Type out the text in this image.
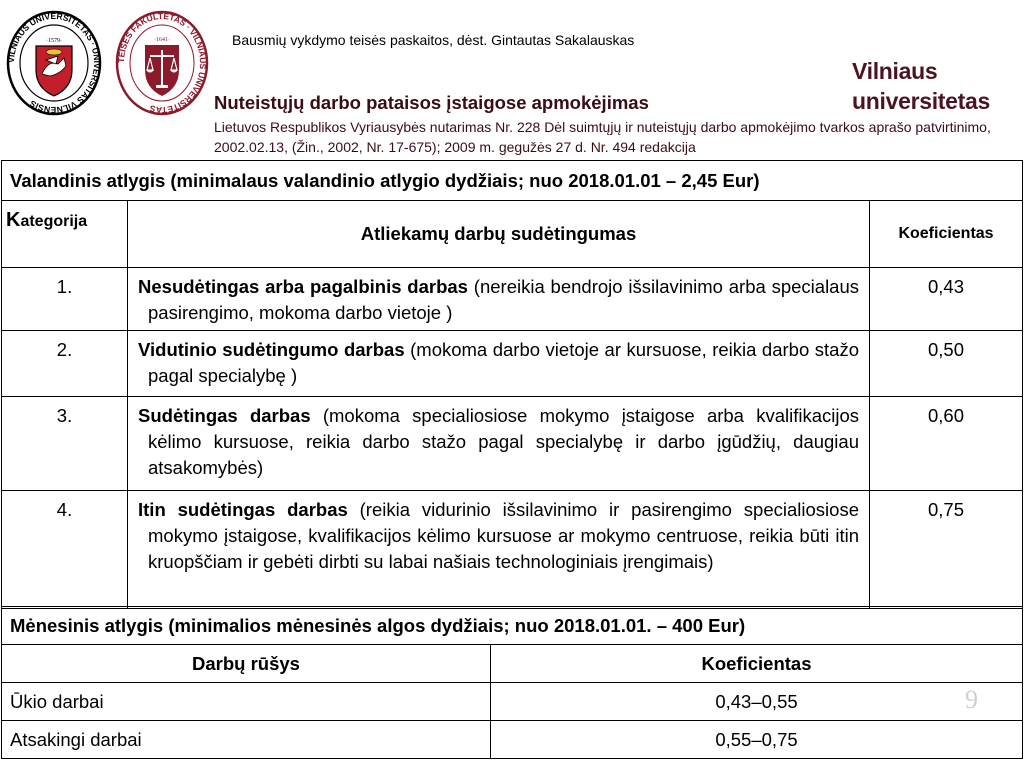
VILNIAUS UNIVERSITETAS · UNIVERSITAS VILNENSIS
·1579·
TEISĖS FAKULTETAS · VILNIAUS UNIVERSITETAS
·1641·	Bausmių vykdymo teisės paskaitos, dėst. Gintautas Sakalauskas
Vilniaus
universitetas
Nuteistųjų darbo pataisos įstaigose apmokėjimas
Lietuvos Respublikos Vyriausybės nutarimas Nr. 228 Dėl suimtųjų ir nuteistųjų darbo apmokėjimo tvarkos aprašo patvirtinimo, 2002.02.13, (Žin., 2002, Nr. 17-675); 2009 m. gegužės 27 d. Nr. 494 redakcija
Valandinis atlygis (minimalaus valandinio atlygio dydžiais; nuo 2018.01.01 – 2,45 Eur)		
Kategorija	Atliekamų darbų sudėtingumas	Koeficientas
1.	Nesudėtingas arba pagalbinis darbas (nereikia bendrojo išsilavinimo arba specialaus pasirengimo, mokoma darbo vietoje )	0,43
2.	Vidutinio sudėtingumo darbas (mokoma darbo vietoje ar kursuose, reikia darbo stažo pagal specialybę )	0,50
3.	Sudėtingas darbas (mokoma specialiosiose mokymo įstaigose arba kvalifikacijos kėlimo kursuose, reikia darbo stažo pagal specialybę ir darbo įgūdžių, daugiau atsakomybės)	0,60
4.	Itin sudėtingas darbas (reikia vidurinio išsilavinimo ir pasirengimo specialiosiose mokymo įstaigose, kvalifikacijos kėlimo kursuose ar mokymo centruose, reikia būti itin kruopščiam ir gebėti dirbti su labai našiais technologiniais įrengimais)	0,75
Mėnesinis atlygis (minimalios mėnesinės algos dydžiais; nuo 2018.01.01. – 400 Eur)	
Darbų rūšys	Koeficientas
Ūkio darbai	0,43–0,55
Atsakingi darbai	0,55–0,75
9
